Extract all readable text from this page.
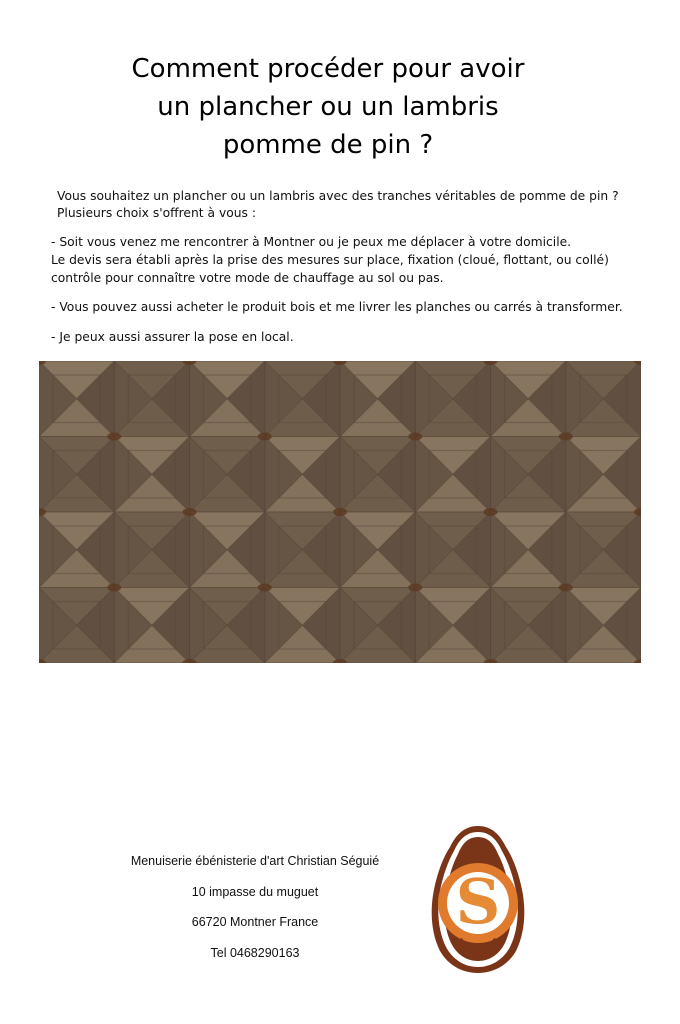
Comment procéder pour avoir
un plancher ou un lambris
pomme de pin ?
Vous souhaitez un plancher ou un lambris avec des tranches véritables de pomme de pin ?
Plusieurs choix s'offrent à vous :
- Soit vous venez me rencontrer à Montner ou je peux me déplacer à votre domicile.
Le devis sera établi après la prise des mesures sur place, fixation (cloué, flottant, ou collé)
contrôle pour connaître votre mode de chauffage au sol ou pas.
- Vous pouvez aussi acheter le produit bois et me livrer les planches ou carrés à transformer.
- Je peux aussi assurer la pose en local.
Menuiserie ébénisterie d'art Christian Séguié
10 impasse du muguet
66720 Montner France
Tel 0468290163
S
